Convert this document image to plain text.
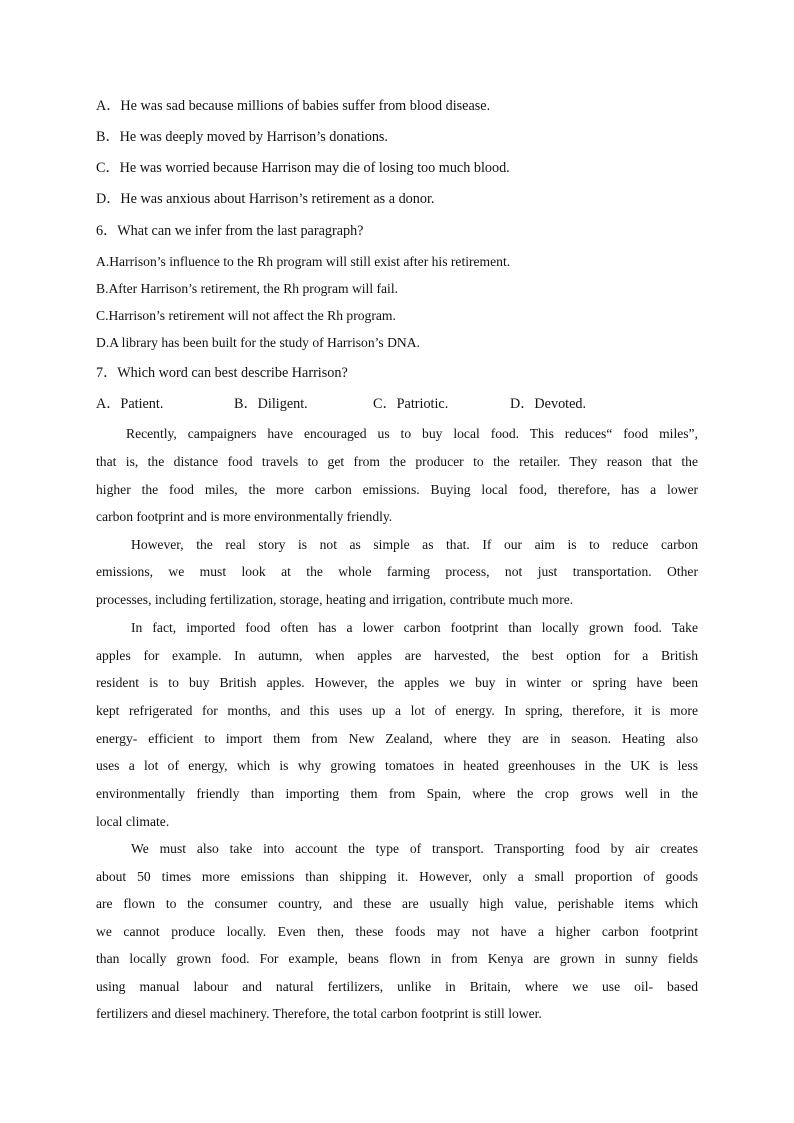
A．He was sad because millions of babies suffer from blood disease.
B．He was deeply moved by Harrison’s donations.
C．He was worried because Harrison may die of losing too much blood.
D．He was anxious about Harrison’s retirement as a donor.
6．What can we infer from the last paragraph?
A.Harrison’s influence to the Rh program will still exist after his retirement.
B.After Harrison’s retirement, the Rh program will fail.
C.Harrison’s retirement will not affect the Rh program.
D.A library has been built for the study of Harrison’s DNA.
7．Which word can best describe Harrison?
A．Patient.	B．Diligent.	C．Patriotic.	D．Devoted.
Recently, campaigners have encouraged us to buy local food. This reduces“ food miles”,
that is, the distance food travels to get from the producer to the retailer. They reason that the
higher the food miles, the more carbon emissions. Buying local food, therefore, has a lower
carbon footprint and is more environmentally friendly.
However, the real story is not as simple as that. If our aim is to reduce carbon
emissions, we must look at the whole farming process, not just transportation. Other
processes, including fertilization, storage, heating and irrigation, contribute much more.
In fact, imported food often has a lower carbon footprint than locally grown food. Take
apples for example. In autumn, when apples are harvested, the best option for a British
resident is to buy British apples. However, the apples we buy in winter or spring have been
kept refrigerated for months, and this uses up a lot of energy. In spring, therefore, it is more
energy- efficient to import them from New Zealand, where they are in season. Heating also
uses a lot of energy, which is why growing tomatoes in heated greenhouses in the UK is less
environmentally friendly than importing them from Spain, where the crop grows well in the
local climate.
We must also take into account the type of transport. Transporting food by air creates
about 50 times more emissions than shipping it. However, only a small proportion of goods
are flown to the consumer country, and these are usually high value, perishable items which
we cannot produce locally. Even then, these foods may not have a higher carbon footprint
than locally grown food. For example, beans flown in from Kenya are grown in sunny fields
using manual labour and natural fertilizers, unlike in Britain, where we use oil- based
fertilizers and diesel machinery. Therefore, the total carbon footprint is still lower.
